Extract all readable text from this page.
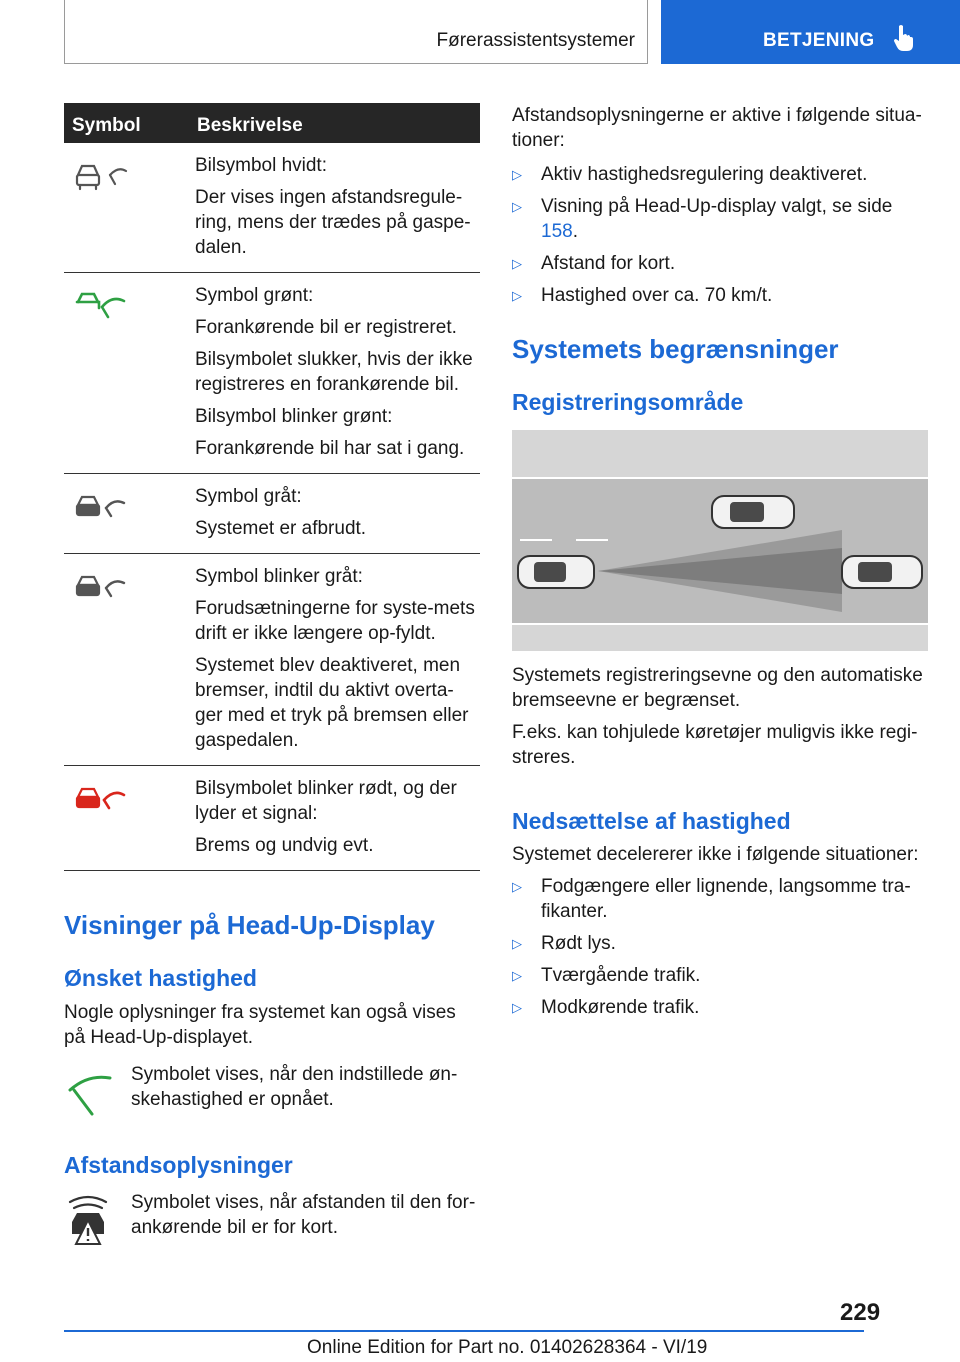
Førerassistentsystemer	BETJENING
Symbol	Beskrivelse

Bilsymbol hvidt:

Der vises ingen afstandsregule-ring, mens der trædes på gaspe-dalen.

Symbol grønt:

Forankørende bil er registreret.

Bilsymbolet slukker, hvis der ikke registreres en forankørende bil.

Bilsymbol blinker grønt:

Forankørende bil har sat i gang.

Symbol gråt:

Systemet er afbrudt.

Symbol blinker gråt:

Forudsætningerne for syste-mets drift er ikke længere op-fyldt.

Systemet blev deaktiveret, men bremser, indtil du aktivt overta-ger med et tryk på bremsen eller gaspedalen.

Bilsymbolet blinker rødt, og der lyder et signal:

Brems og undvig evt.

Visninger på Head-Up-Display
Ønsket hastighed

Nogle oplysninger fra systemet kan også vises på Head-Up-displayet.

Symbolet vises, når den indstillede øn-skehastighed er opnået.

Afstandsoplysninger

Symbolet vises, når afstanden til den for-ankørende bil er for kort.

Afstandsoplysningerne er aktive i følgende situa-tioner:

▷ Aktiv hastighedsregulering deaktiveret.

▷ Visning på Head-Up-display valgt, se side 158.

▷ Afstand for kort.

▷ Hastighed over ca. 70 km/t.

Systemets begrænsninger
Registreringsområde

Systemets registreringsevne og den automatiske bremseevne er begrænset.

F.eks. kan tohjulede køretøjer muligvis ikke regi-streres.

Nedsættelse af hastighed

Systemet decelererer ikke i følgende situationer:

▷ Fodgængere eller lignende, langsomme tra-fikanter.

▷ Rødt lys.

▷ Tværgående trafik.

▷ Modkørende trafik.

229
Online Edition for Part no. 01402628364 - VI/19
